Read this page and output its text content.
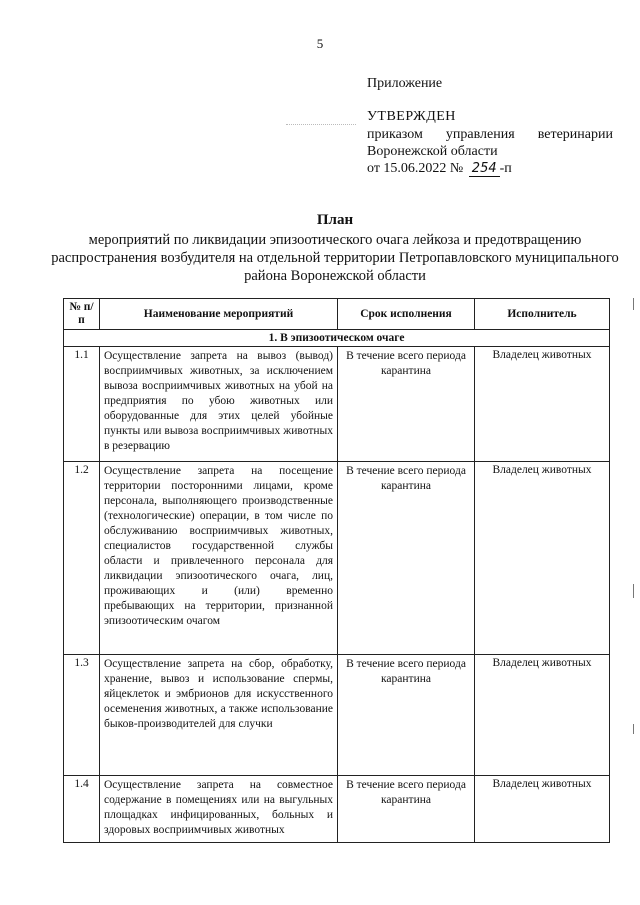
5
Приложение
УТВЕРЖДЕН
приказом управления ветеринарии
Воронежской области
от 15.06.2022 № 254 -п
План
мероприятий по ликвидации эпизоотического очага лейкоза и предотвращению распространения возбудителя на отдельной территории Петропавловского муниципального района Воронежской области
№ п/п	Наименование мероприятий	Срок исполнения	Исполнитель
1. В эпизоотическом очаге			
1.1	Осуществление запрета на вывоз (вывод) восприимчивых животных, за исключением вывоза восприимчивых животных на убой на предприятия по убою животных или оборудованные для этих целей убойные пункты или вывоза восприимчивых животных в резервацию	В течение всего периода карантина	Владелец животных
1.2	Осуществление запрета на посещение территории посторонними лицами, кроме персонала, выполняющего производственные (технологические) операции, в том числе по обслуживанию восприимчивых животных, специалистов государственной службы области и привлеченного персонала для ликвидации эпизоотического очага, лиц, проживающих и (или) временно пребывающих на территории, признанной эпизоотическим очагом	В течение всего периода карантина	Владелец животных
1.3	Осуществление запрета на сбор, обработку, хранение, вывоз и использование спермы, яйцеклеток и эмбрионов для искусственного осеменения животных, а также использование быков-производителей для случки	В течение всего периода карантина	Владелец животных
1.4	Осуществление запрета на совместное содержание в помещениях или на выгульных площадках инфицированных, больных и здоровых восприимчивых животных	В течение всего периода карантина	Владелец животных
